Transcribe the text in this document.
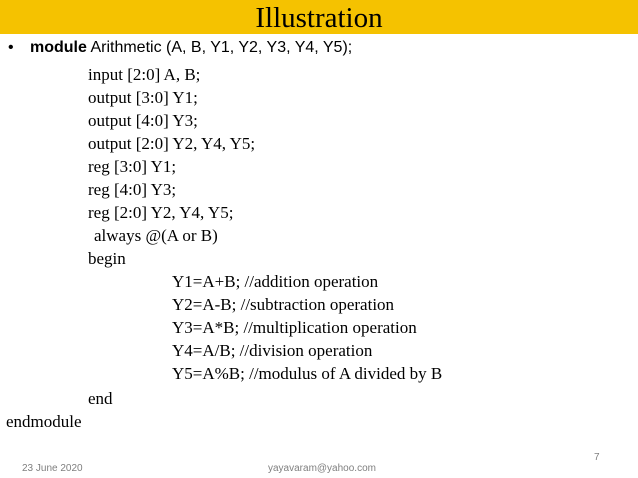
Illustration
• module Arithmetic (A, B, Y1, Y2, Y3, Y4, Y5);
input [2:0] A, B;
output [3:0] Y1;
output [4:0] Y3;
output [2:0] Y2, Y4, Y5;
reg [3:0] Y1;
reg [4:0] Y3;
reg [2:0] Y2, Y4, Y5;
always @(A or B)
begin
Y1=A+B; //addition operation
Y2=A-B; //subtraction operation
Y3=A*B; //multiplication operation
Y4=A/B; //division operation
Y5=A%B; //modulus of A divided by B
end
endmodule
7
23 June 2020	yayavaram@yahoo.com
